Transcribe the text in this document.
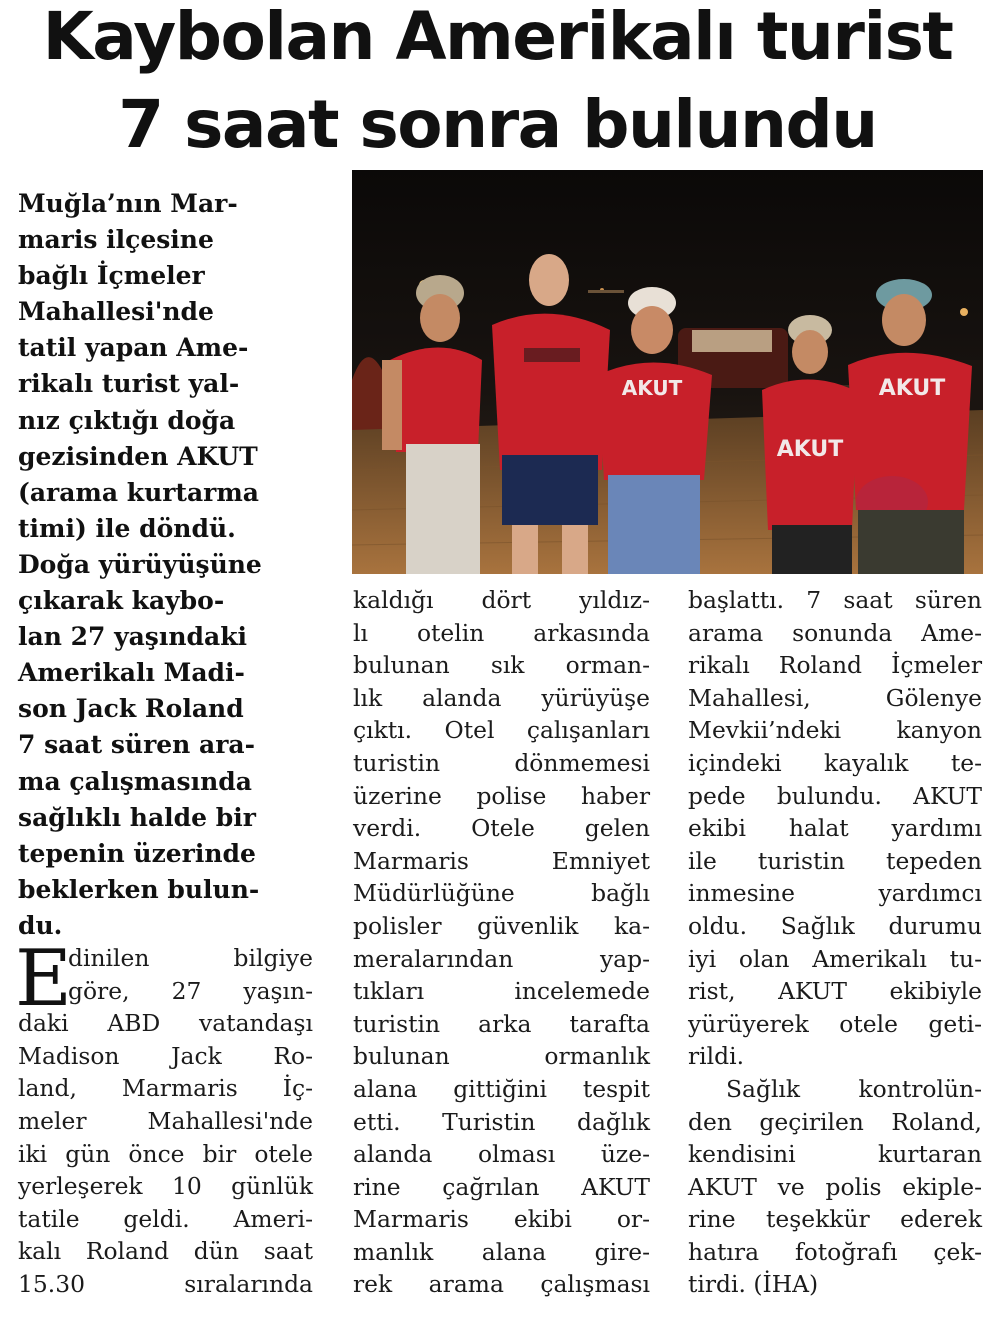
Kaybolan Amerikalı turist
7 saat sonra bulundu
Muğla’nın Mar-
maris ilçesine
bağlı İçmeler
Mahallesi'nde
tatil yapan Ame-
rikalı turist yal-
nız çıktığı doğa
gezisinden AKUT
(arama kurtarma
timi) ile döndü.
Doğa yürüyüşüne
çıkarak kaybo-
lan 27 yaşındaki
Amerikalı Madi-
son Jack Roland
7 saat süren ara-
ma çalışmasında
sağlıklı halde bir
tepenin üzerinde
beklerken bulun-
du.
AKUT
AKUT
AKUT
E
dinilen bilgiye
göre, 27 yaşın-
daki ABD vatandaşı
Madison Jack Ro-
land, Marmaris İç-
meler Mahallesi'nde
iki gün önce bir otele
yerleşerek 10 günlük
tatile geldi. Ameri-
kalı Roland dün saat
15.30 sıralarında
kaldığı dört yıldız-
lı otelin arkasında
bulunan sık orman-
lık alanda yürüyüşe
çıktı. Otel çalışanları
turistin dönmemesi
üzerine polise haber
verdi. Otele gelen
Marmaris Emniyet
Müdürlüğüne bağlı
polisler güvenlik ka-
meralarından yap-
tıkları incelemede
turistin arka tarafta
bulunan ormanlık
alana gittiğini tespit
etti. Turistin dağlık
alanda olması üze-
rine çağrılan AKUT
Marmaris ekibi or-
manlık alana gire-
rek arama çalışması
başlattı. 7 saat süren
arama sonunda Ame-
rikalı Roland İçmeler
Mahallesi, Gölenye
Mevkii’ndeki kanyon
içindeki kayalık te-
pede bulundu. AKUT
ekibi halat yardımı
ile turistin tepeden
inmesine yardımcı
oldu. Sağlık durumu
iyi olan Amerikalı tu-
rist, AKUT ekibiyle
yürüyerek otele geti-
rildi.
Sağlık kontrolün-
den geçirilen Roland,
kendisini kurtaran
AKUT ve polis ekiple-
rine teşekkür ederek
hatıra fotoğrafı çek-
tirdi. (İHA)
